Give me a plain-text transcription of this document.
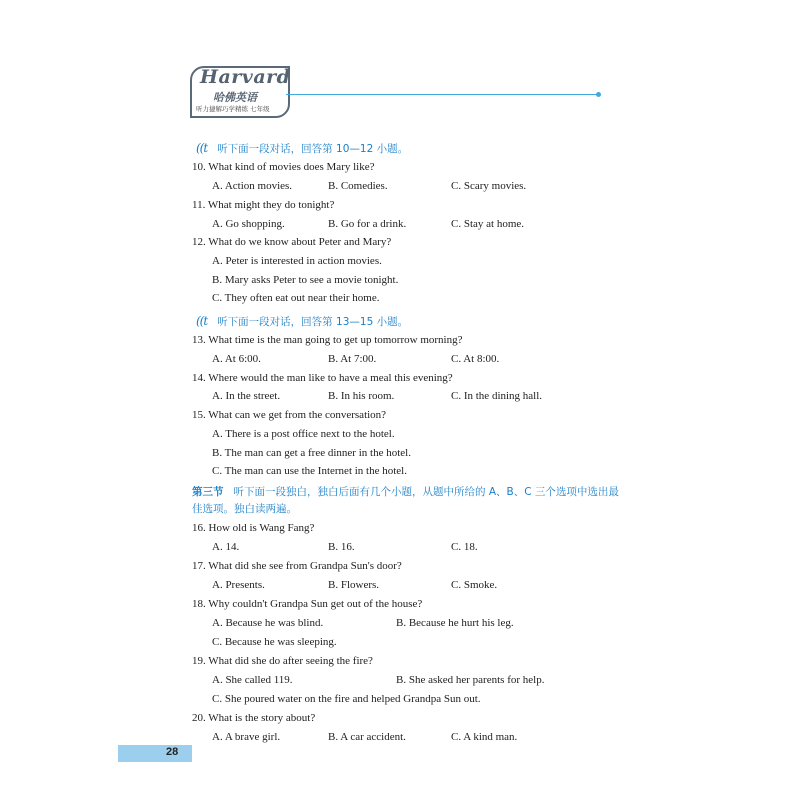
Harvard
哈佛英语
听力捷解巧学精练 七年级
((t 听下面一段对话，回答第 10—12 小题。
10. What kind of movies does Mary like?
A. Action movies.	B. Comedies.	C. Scary movies.
11. What might they do tonight?
A. Go shopping.	B. Go for a drink.	C. Stay at home.
12. What do we know about Peter and Mary?
A. Peter is interested in action movies.
B. Mary asks Peter to see a movie tonight.
C. They often eat out near their home.
((t 听下面一段对话，回答第 13—15 小题。
13. What time is the man going to get up tomorrow morning?
A. At 6:00.	B. At 7:00.	C. At 8:00.
14. Where would the man like to have a meal this evening?
A. In the street.	B. In his room.	C. In the dining hall.
15. What can we get from the conversation?
A. There is a post office next to the hotel.
B. The man can get a free dinner in the hotel.
C. The man can use the Internet in the hotel.
第三节 听下面一段独白，独白后面有几个小题，从题中所给的 A、B、C 三个选项中选出最佳选项。独白读两遍。
16. How old is Wang Fang?
A. 14.	B. 16.	C. 18.
17. What did she see from Grandpa Sun's door?
A. Presents.	B. Flowers.	C. Smoke.
18. Why couldn't Grandpa Sun get out of the house?
A. Because he was blind.	B. Because he hurt his leg.
C. Because he was sleeping.
19. What did she do after seeing the fire?
A. She called 119.	B. She asked her parents for help.
C. She poured water on the fire and helped Grandpa Sun out.
20. What is the story about?
A. A brave girl.	B. A car accident.	C. A kind man.
28
